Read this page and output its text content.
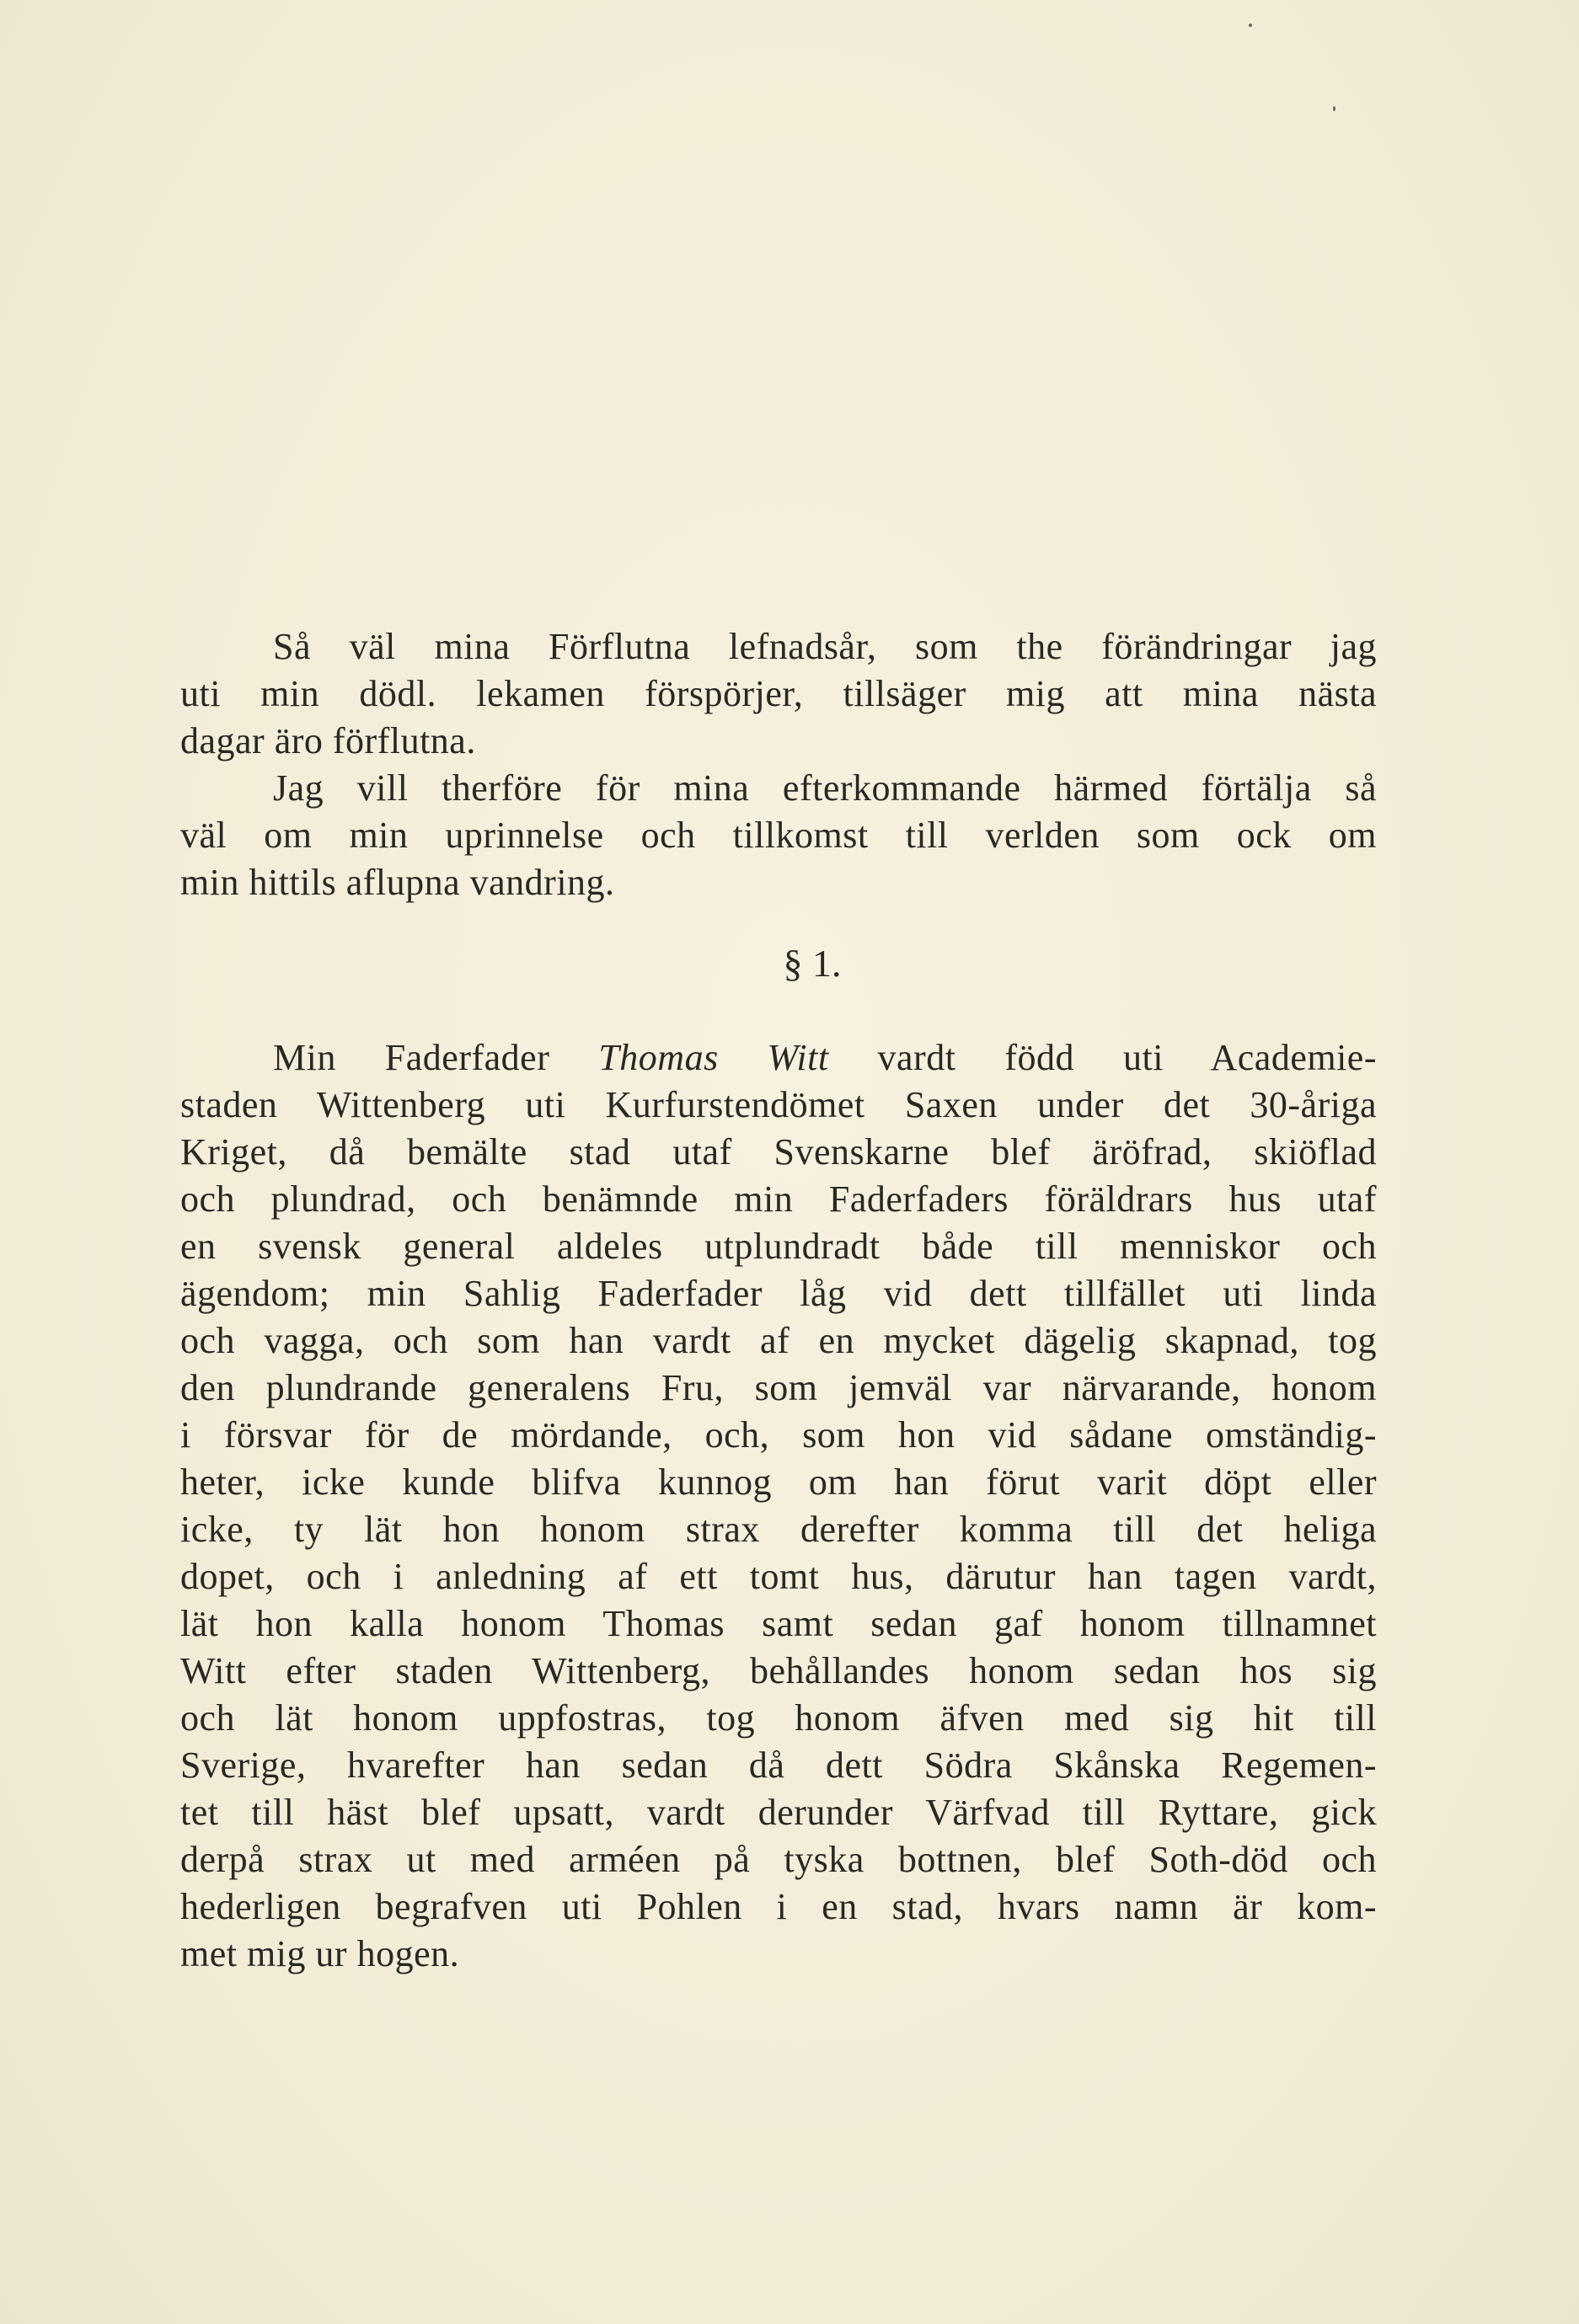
Så väl mina Förflutna lefnadsår, som the förändringar jag
uti min dödl. lekamen förspörjer, tillsäger mig att mina nästa
dagar äro förflutna.
Jag vill therföre för mina efterkommande härmed förtälja så
väl om min uprinnelse och tillkomst till verlden som ock om
min hittils aflupna vandring.
§ 1.
Min Faderfader Thomas Witt vardt född uti Academie-
staden Wittenberg uti Kurfurstendömet Saxen under det 30-åriga
Kriget, då bemälte stad utaf Svenskarne blef äröfrad, skiöflad
och plundrad, och benämnde min Faderfaders föräldrars hus utaf
en svensk general aldeles utplundradt både till menniskor och
ägendom; min Sahlig Faderfader låg vid dett tillfället uti linda
och vagga, och som han vardt af en mycket dägelig skapnad, tog
den plundrande generalens Fru, som jemväl var närvarande, honom
i försvar för de mördande, och, som hon vid sådane omständig-
heter, icke kunde blifva kunnog om han förut varit döpt eller
icke, ty lät hon honom strax derefter komma till det heliga
dopet, och i anledning af ett tomt hus, därutur han tagen vardt,
lät hon kalla honom Thomas samt sedan gaf honom tillnamnet
Witt efter staden Wittenberg, behållandes honom sedan hos sig
och lät honom uppfostras, tog honom äfven med sig hit till
Sverige, hvarefter han sedan då dett Södra Skånska Regemen-
tet till häst blef upsatt, vardt derunder Värfvad till Ryttare, gick
derpå strax ut med arméen på tyska bottnen, blef Soth-död och
hederligen begrafven uti Pohlen i en stad, hvars namn är kom-
met mig ur hogen.
